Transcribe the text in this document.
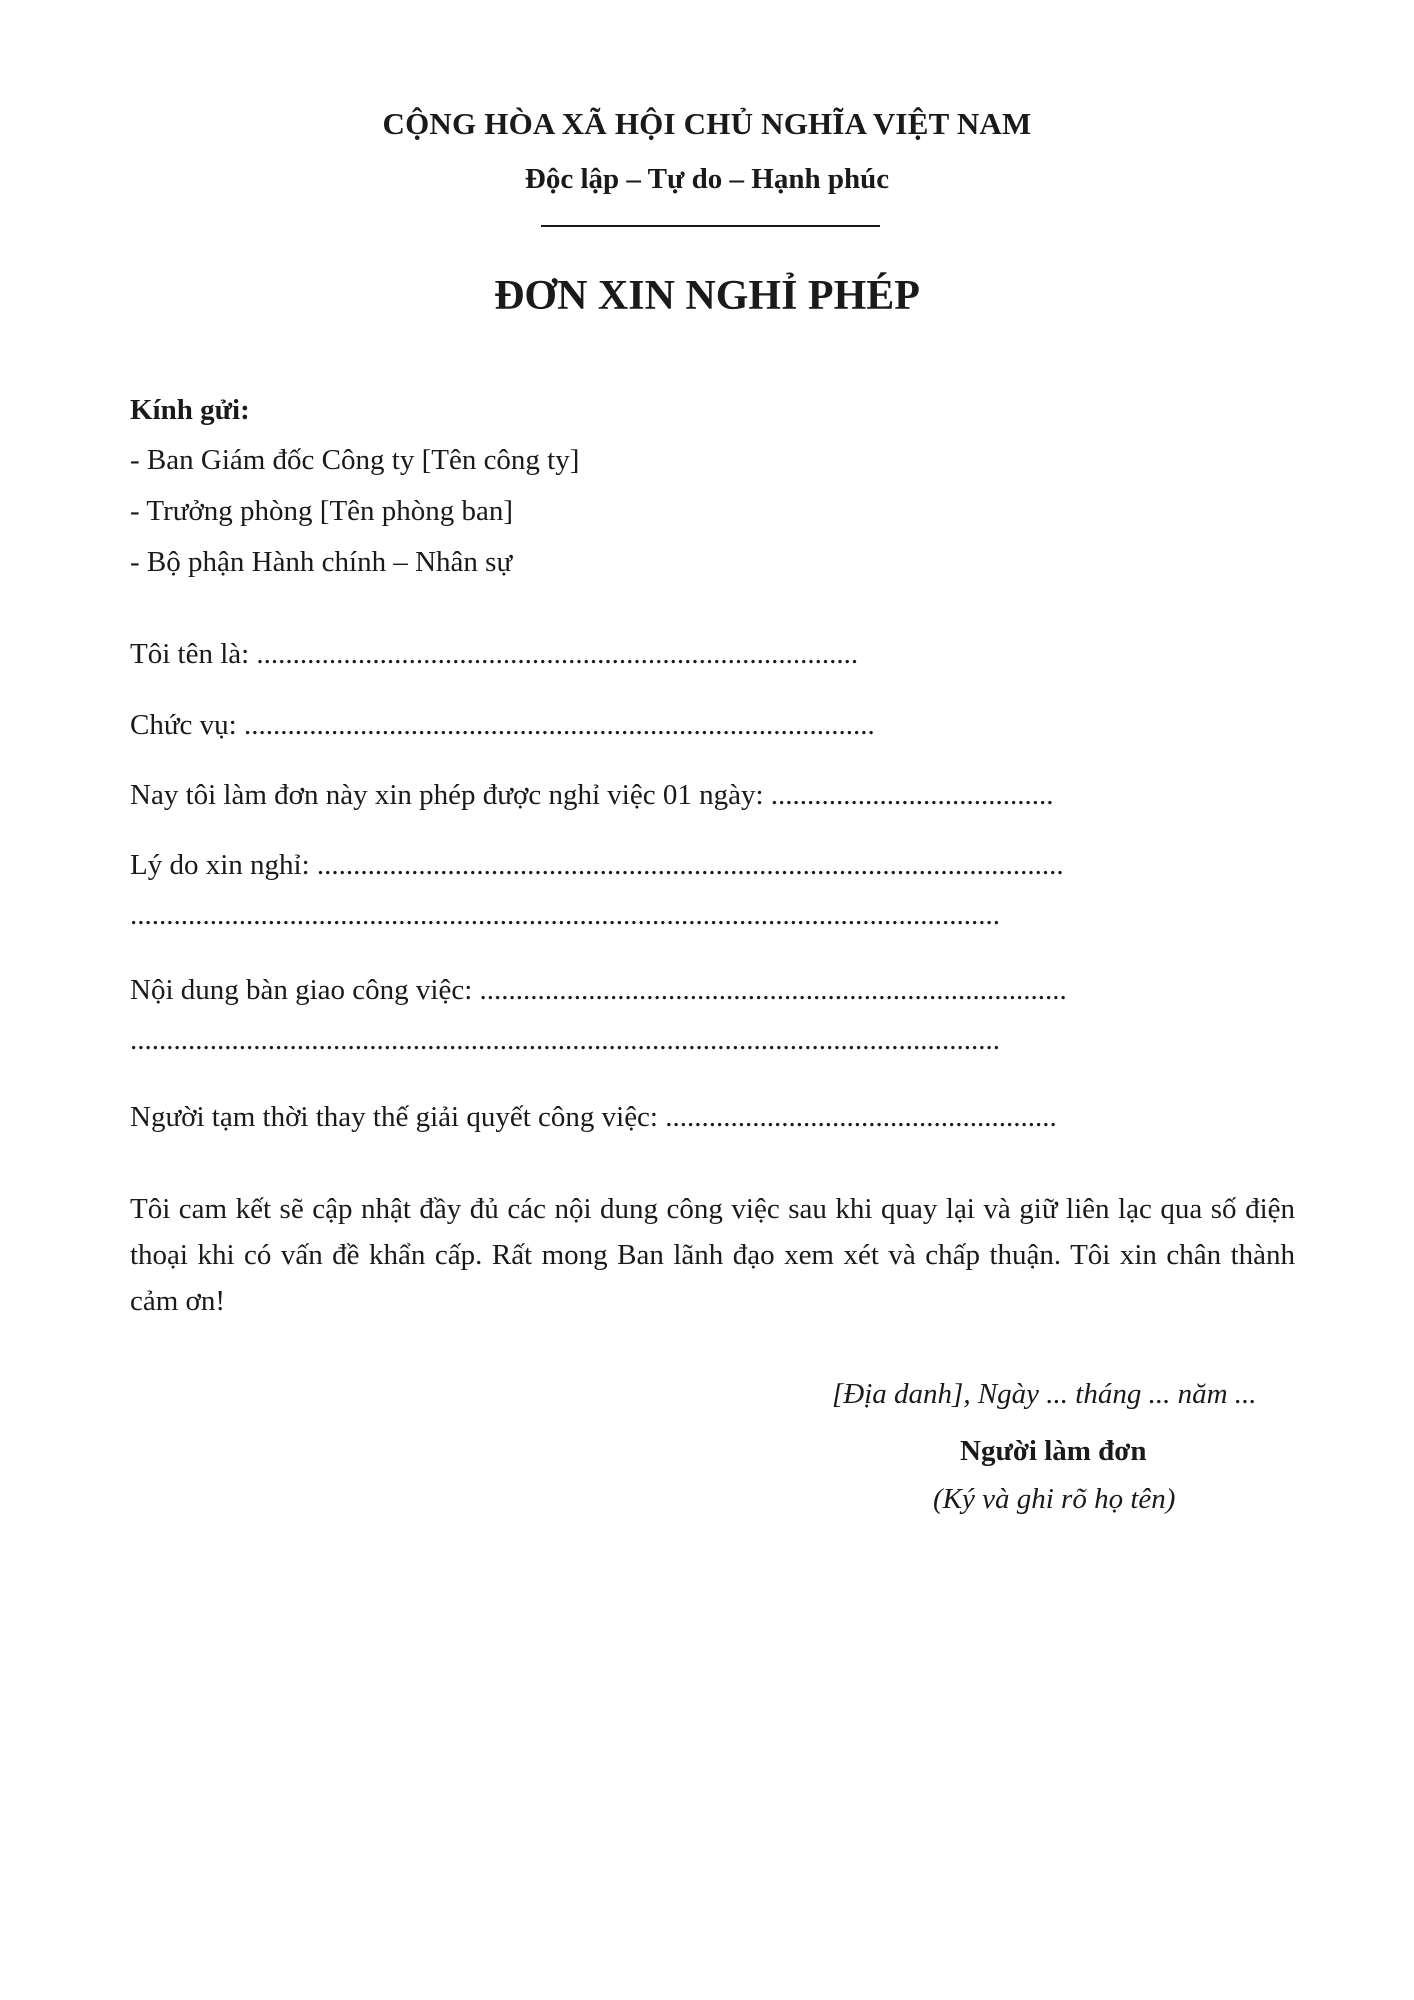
CỘNG HÒA XÃ HỘI CHỦ NGHĨA VIỆT NAM
Độc lập – Tự do – Hạnh phúc
ĐƠN XIN NGHỈ PHÉP
Kính gửi:
- Ban Giám đốc Công ty [Tên công ty]
- Trưởng phòng [Tên phòng ban]
- Bộ phận Hành chính – Nhân sự
Tôi tên là: ...................................................................................
Chức vụ: .......................................................................................
Nay tôi làm đơn này xin phép được nghỉ việc 01 ngày: .......................................
Lý do xin nghỉ: .......................................................................................................
........................................................................................................................
Nội dung bàn giao công việc: .................................................................................
........................................................................................................................
Người tạm thời thay thế giải quyết công việc: ......................................................
Tôi cam kết sẽ cập nhật đầy đủ các nội dung công việc sau khi quay lại và giữ liên lạc qua số điện thoại khi có vấn đề khẩn cấp. Rất mong Ban lãnh đạo xem xét và chấp thuận. Tôi xin chân thành cảm ơn!
[Địa danh], Ngày ... tháng ... năm ...
Người làm đơn
(Ký và ghi rõ họ tên)
